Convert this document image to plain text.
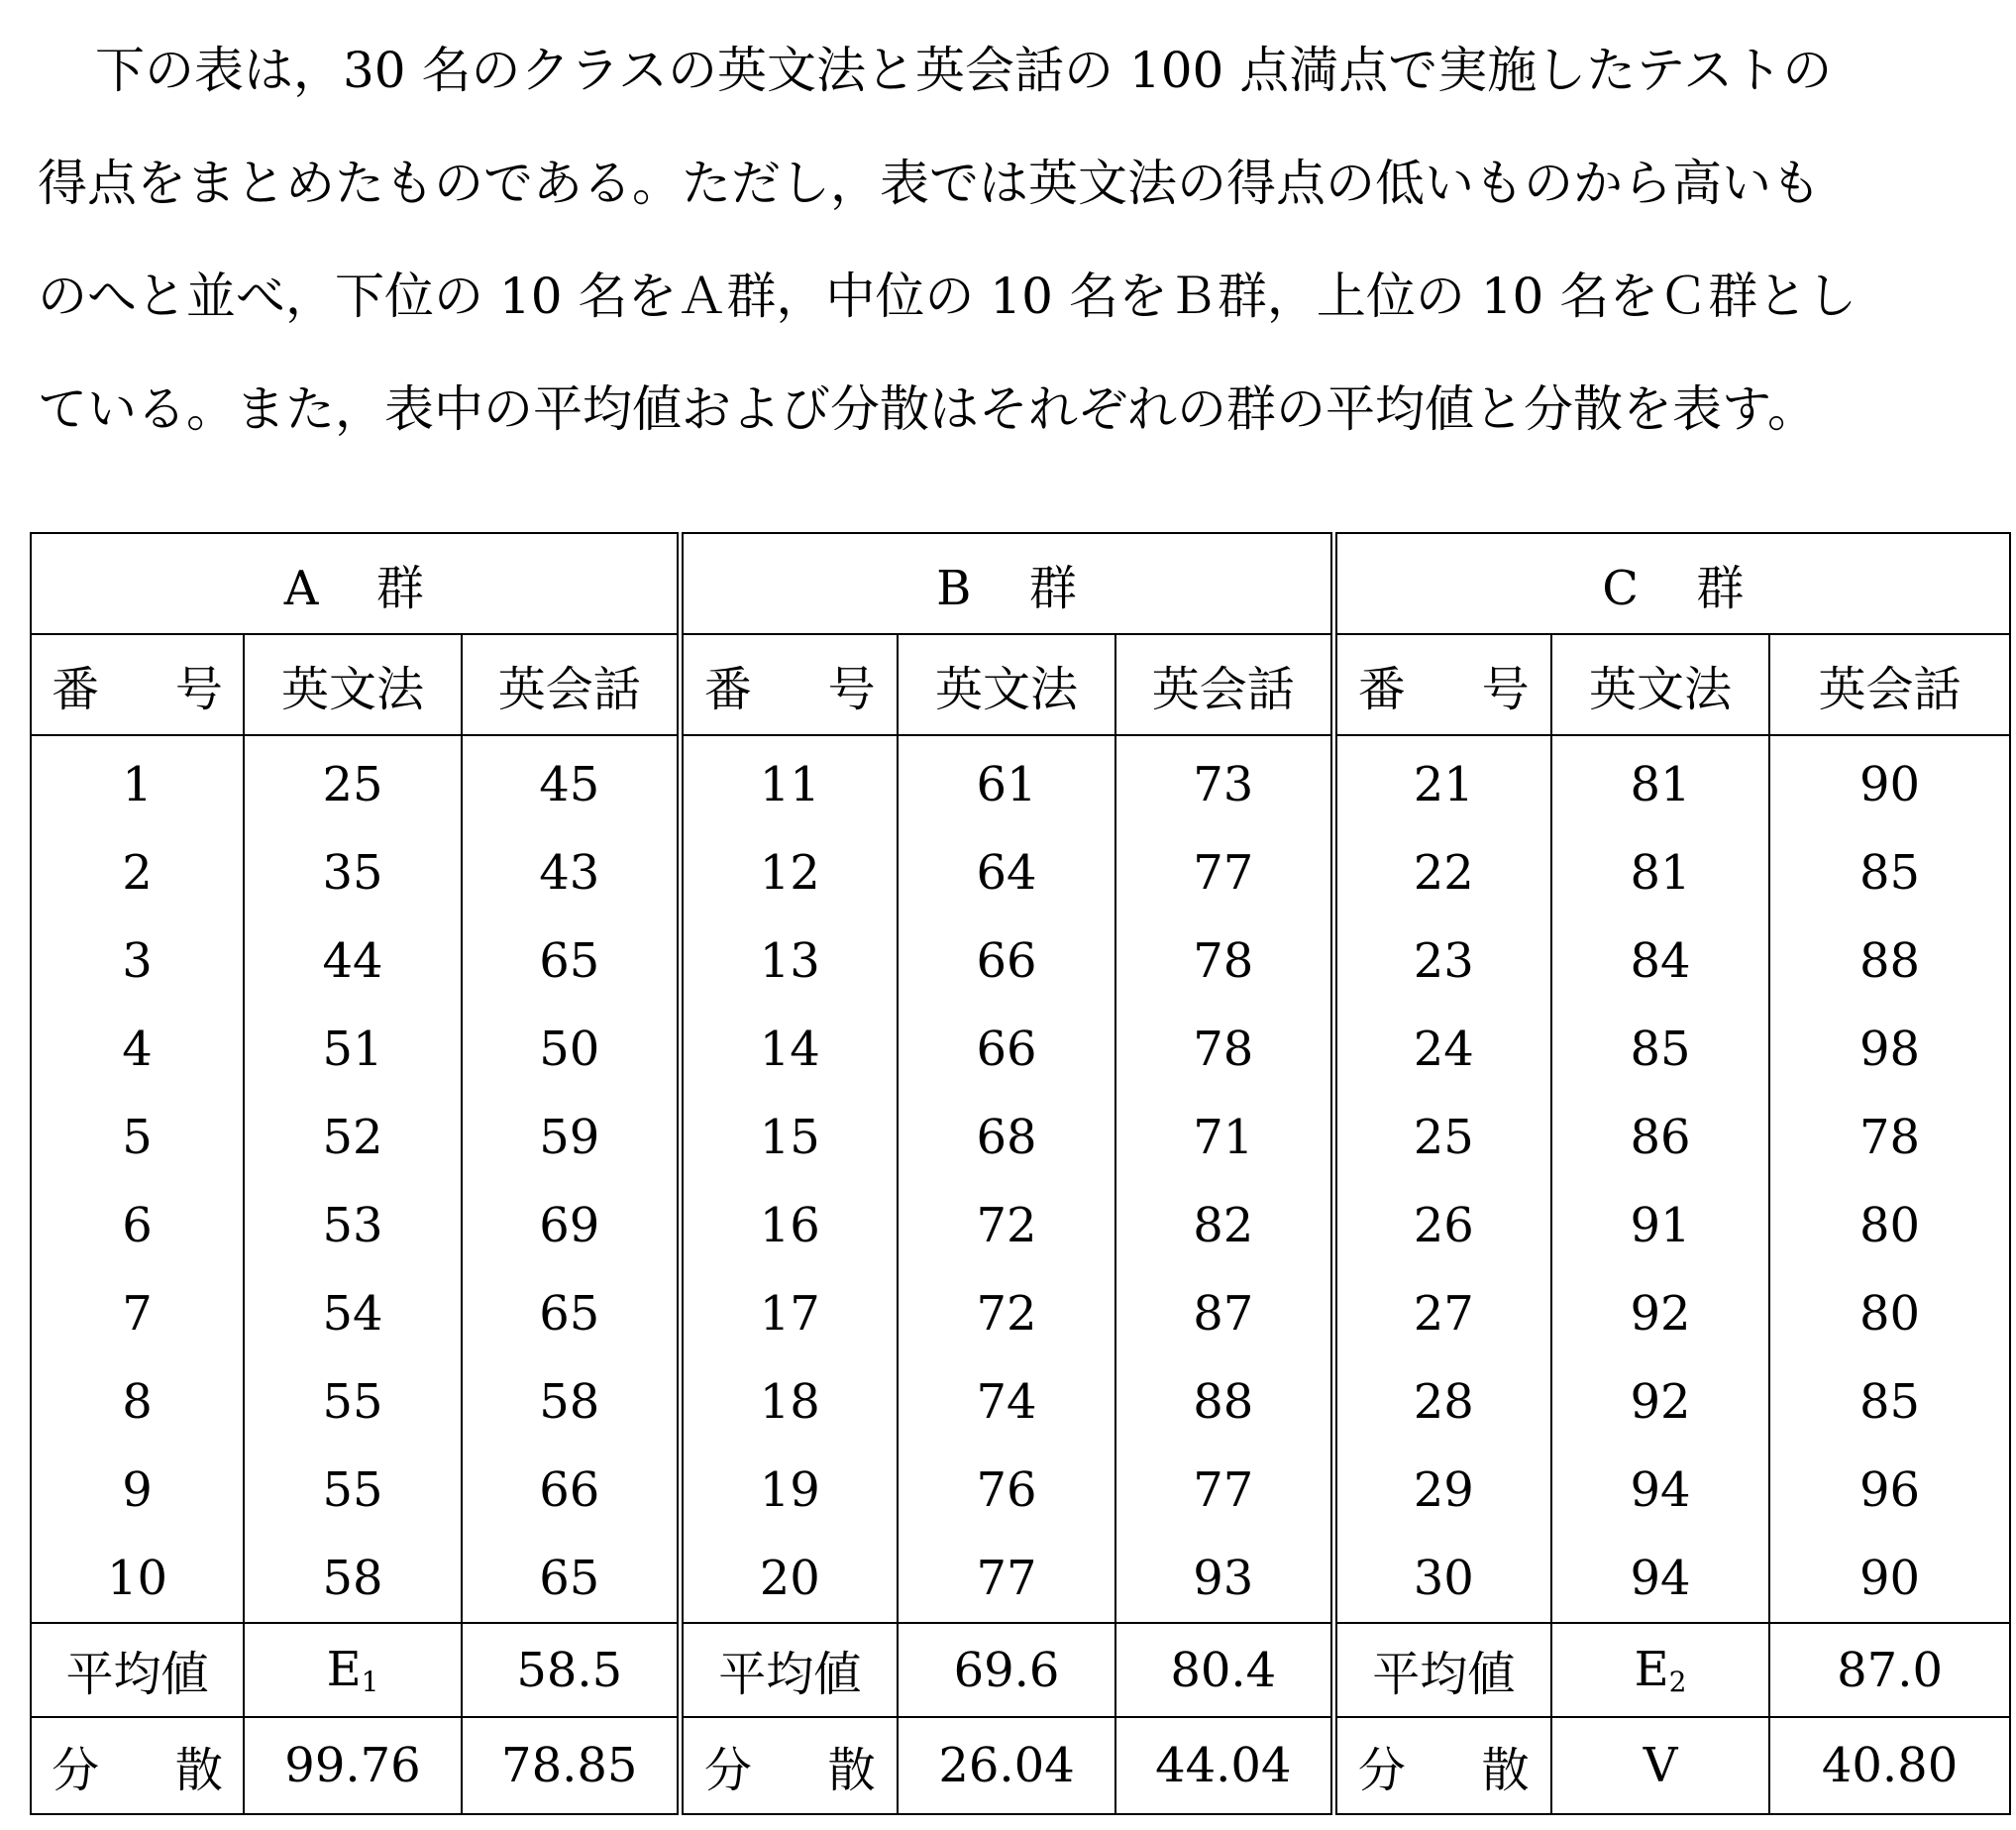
下の表は，30 名のクラスの英文法と英会話の 100 点満点で実施したテストの

得点をまとめたものである。ただし，表では英文法の得点の低いものから高いも

のへと並べ，下位の 10 名をＡ群，中位の 10 名をＢ群，上位の 10 名をＣ群とし

ている。また，表中の平均値および分散はそれぞれの群の平均値と分散を表す。

A 群			B 群			C 群		
番号	英文法	英会話	番号	英文法	英会話	番号	英文法	英会話
1	25	45	11	61	73	21	81	90
2	35	43	12	64	77	22	81	85
3	44	65	13	66	78	23	84	88
4	51	50	14	66	78	24	85	98
5	52	59	15	68	71	25	86	78
6	53	69	16	72	82	26	91	80
7	54	65	17	72	87	27	92	80
8	55	58	18	74	88	28	92	85
9	55	66	19	76	77	29	94	96
10	58	65	20	77	93	30	94	90
平均値	$E_1$	58.5	平均値	69.6	80.4	平均値	$E_2$	87.0
分散	99.76	78.85	分散	26.04	44.04	分散	V	40.80
